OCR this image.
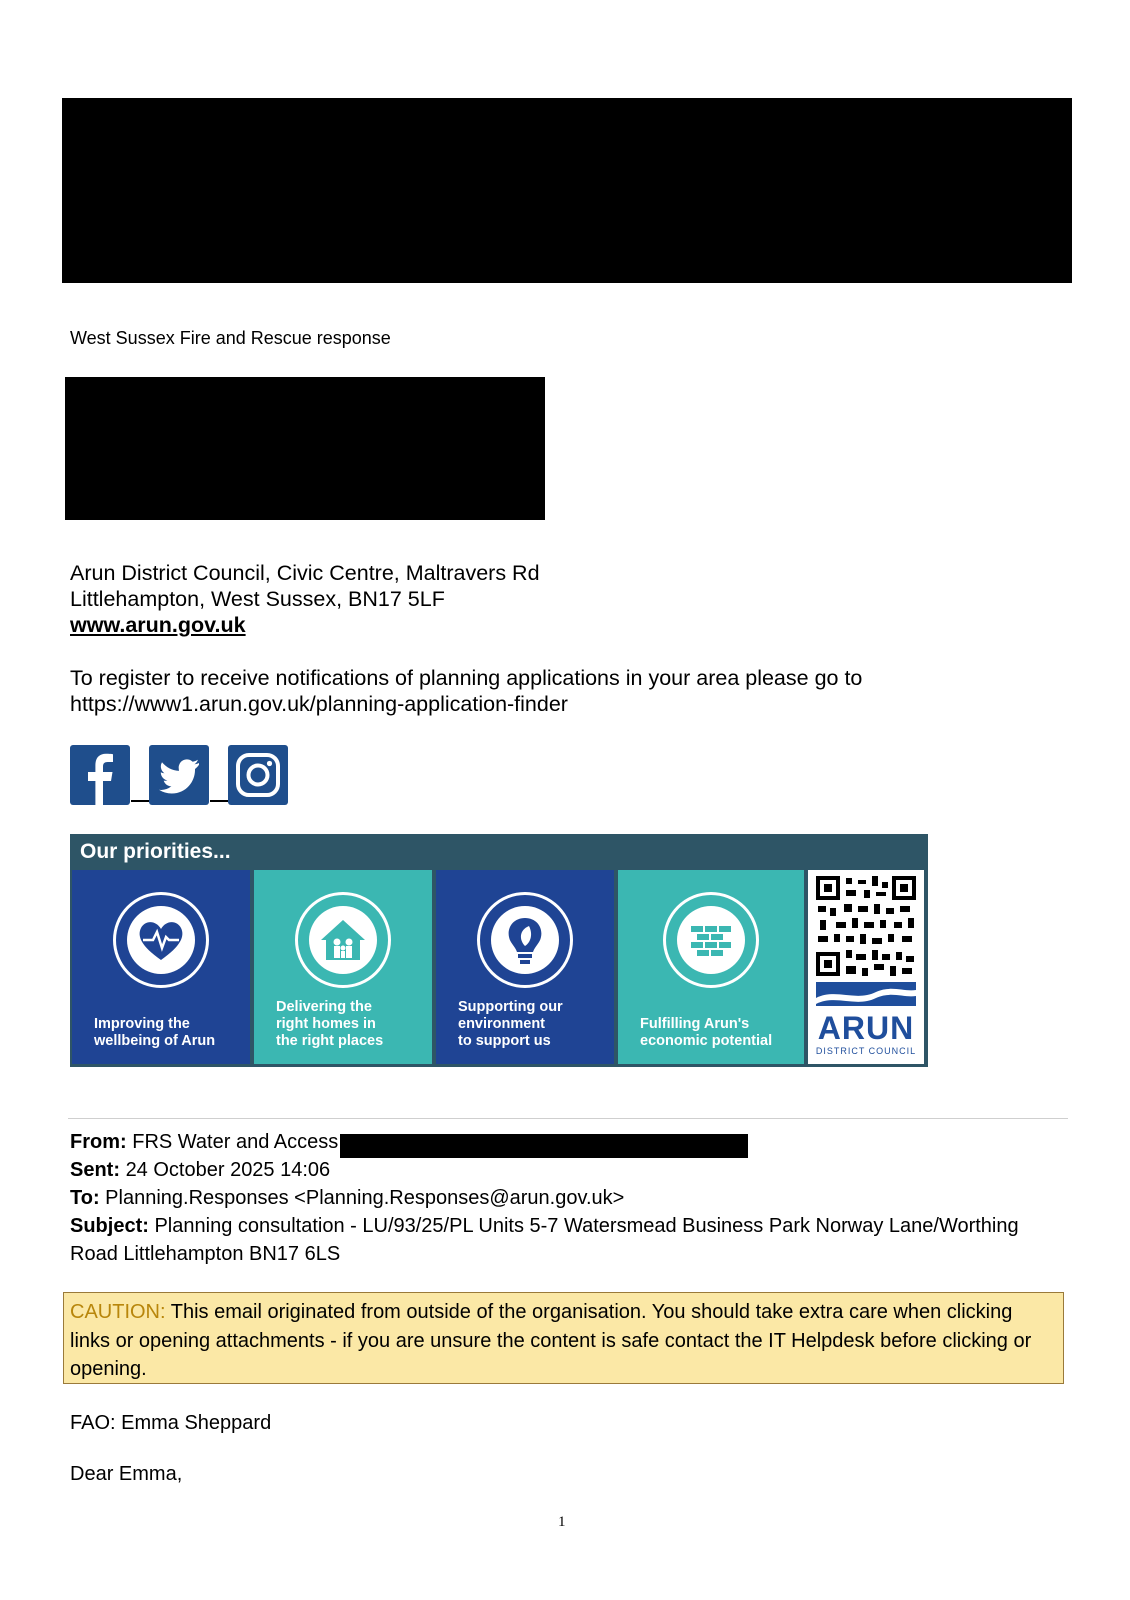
West Sussex Fire and Rescue response
Arun District Council, Civic Centre, Maltravers Rd
Littlehampton, West Sussex, BN17 5LF
www.arun.gov.uk
To register to receive notifications of planning applications in your area please go to
https://www1.arun.gov.uk/planning-application-finder
Our priorities...
Improving the
wellbeing of Arun
Delivering the
right homes in
the right places
Supporting our
environment
to support us
Fulfilling Arun's
economic potential	ARUN
DISTRICT COUNCIL
From: FRS Water and Access
Sent: 24 October 2025 14:06
To: Planning.Responses <Planning.Responses@arun.gov.uk>
Subject: Planning consultation - LU/93/25/PL Units 5-7 Watersmead Business Park Norway Lane/Worthing Road Littlehampton BN17 6LS
CAUTION: This email originated from outside of the organisation. You should take extra care when clicking links or opening attachments - if you are unsure the content is safe contact the IT Helpdesk before clicking or opening.
FAO: Emma Sheppard
Dear Emma,
1
